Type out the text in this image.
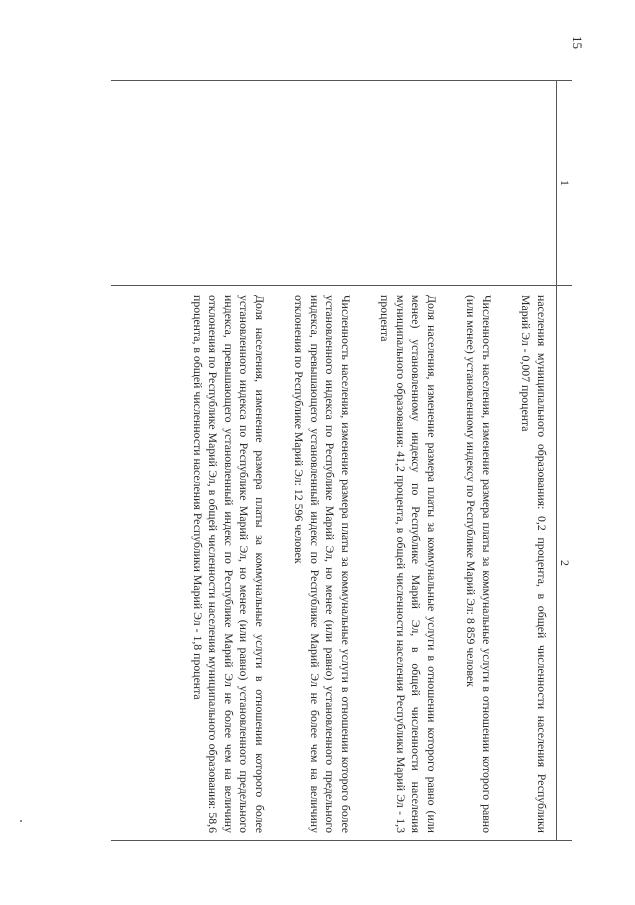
15
1	2

	населения муниципального образования: 0,2 процента, в общей численности населения Республики Марий Эл - 0,007 процента

Численность населения, изменение размера платы за коммунальные услуги в отношении которого равно (или менее) установленному индексу по Республике Марий Эл: 8 859 человек

Доля населения, изменение размера платы за коммунальные услуги в отношении которого равно (или менее) установленному индексу по Республике Марий Эл, в общей численности населения муниципального образования: 41,2 процента, в общей численности населения Республики Марий Эл - 1,3 процента

Численность населения, изменение размера платы за коммунальные услуги в отношении которого более установленного индекса по Республике Марий Эл, но менее (или равно) установленного предельного индекса, превышающего установленный индекс по Республике Марий Эл не более чем на величину отклонения по Республике Марий Эл: 12 596 человек

Доля населения, изменение размера платы за коммунальные услуги в отношении которого более установленного индекса по Республике Марий Эл, но менее (или равно) установленного предельного индекса, превышающего установленный индекс по Республике Марий Эл не более чем на величину отклонения по Республике Марий Эл, в общей численности населения муниципального образования: 58,6 процента, в общей численности населения Республики Марий Эл - 1,8 процента
